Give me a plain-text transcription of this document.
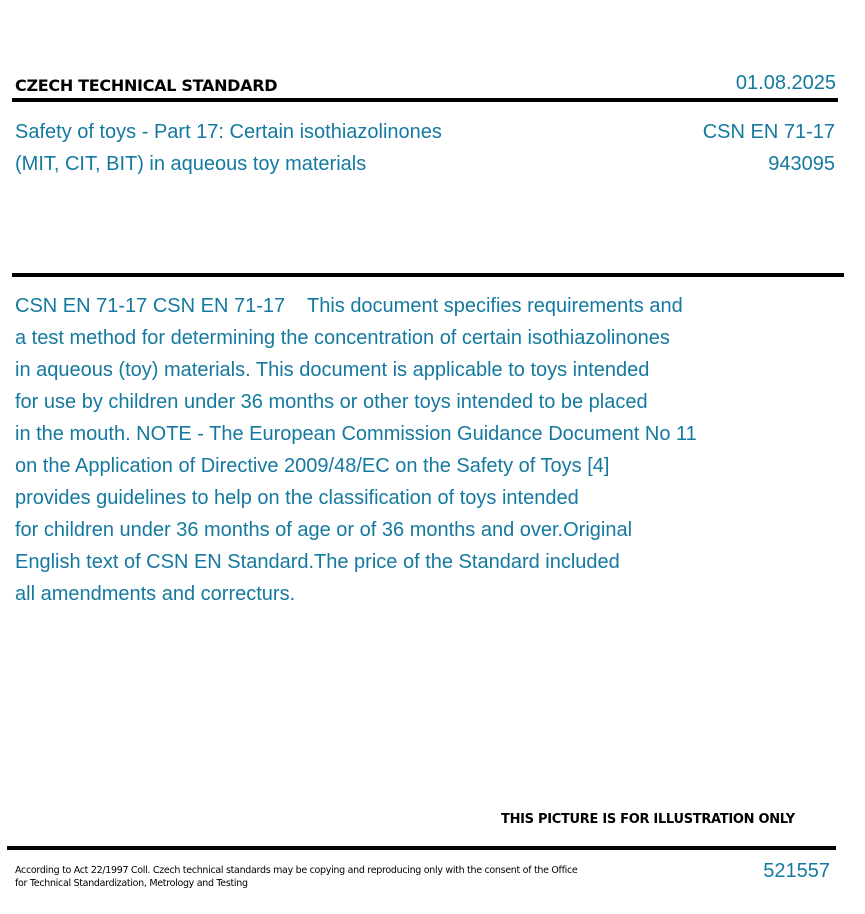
CZECH TECHNICAL STANDARD	01.08.2025
Safety of toys - Part 17: Certain isothiazolinones
(MIT, CIT, BIT) in aqueous toy materials
CSN EN 71-17
943095
CSN EN 71-17 CSN EN 71-17    This document specifies requirements and
a test method for determining the concentration of certain isothiazolinones
in aqueous (toy) materials. This document is applicable to toys intended
for use by children under 36 months or other toys intended to be placed
in the mouth. NOTE - The European Commission Guidance Document No 11
on the Application of Directive 2009/48/EC on the Safety of Toys [4]
provides guidelines to help on the classification of toys intended
for children under 36 months of age or of 36 months and over.Original
English text of CSN EN Standard.The price of the Standard included
all amendments and correcturs.
THIS PICTURE IS FOR ILLUSTRATION ONLY
According to Act 22/1997 Coll. Czech technical standards may be copying and reproducing only with the consent of the Office
for Technical Standardization, Metrology and Testing
521557
